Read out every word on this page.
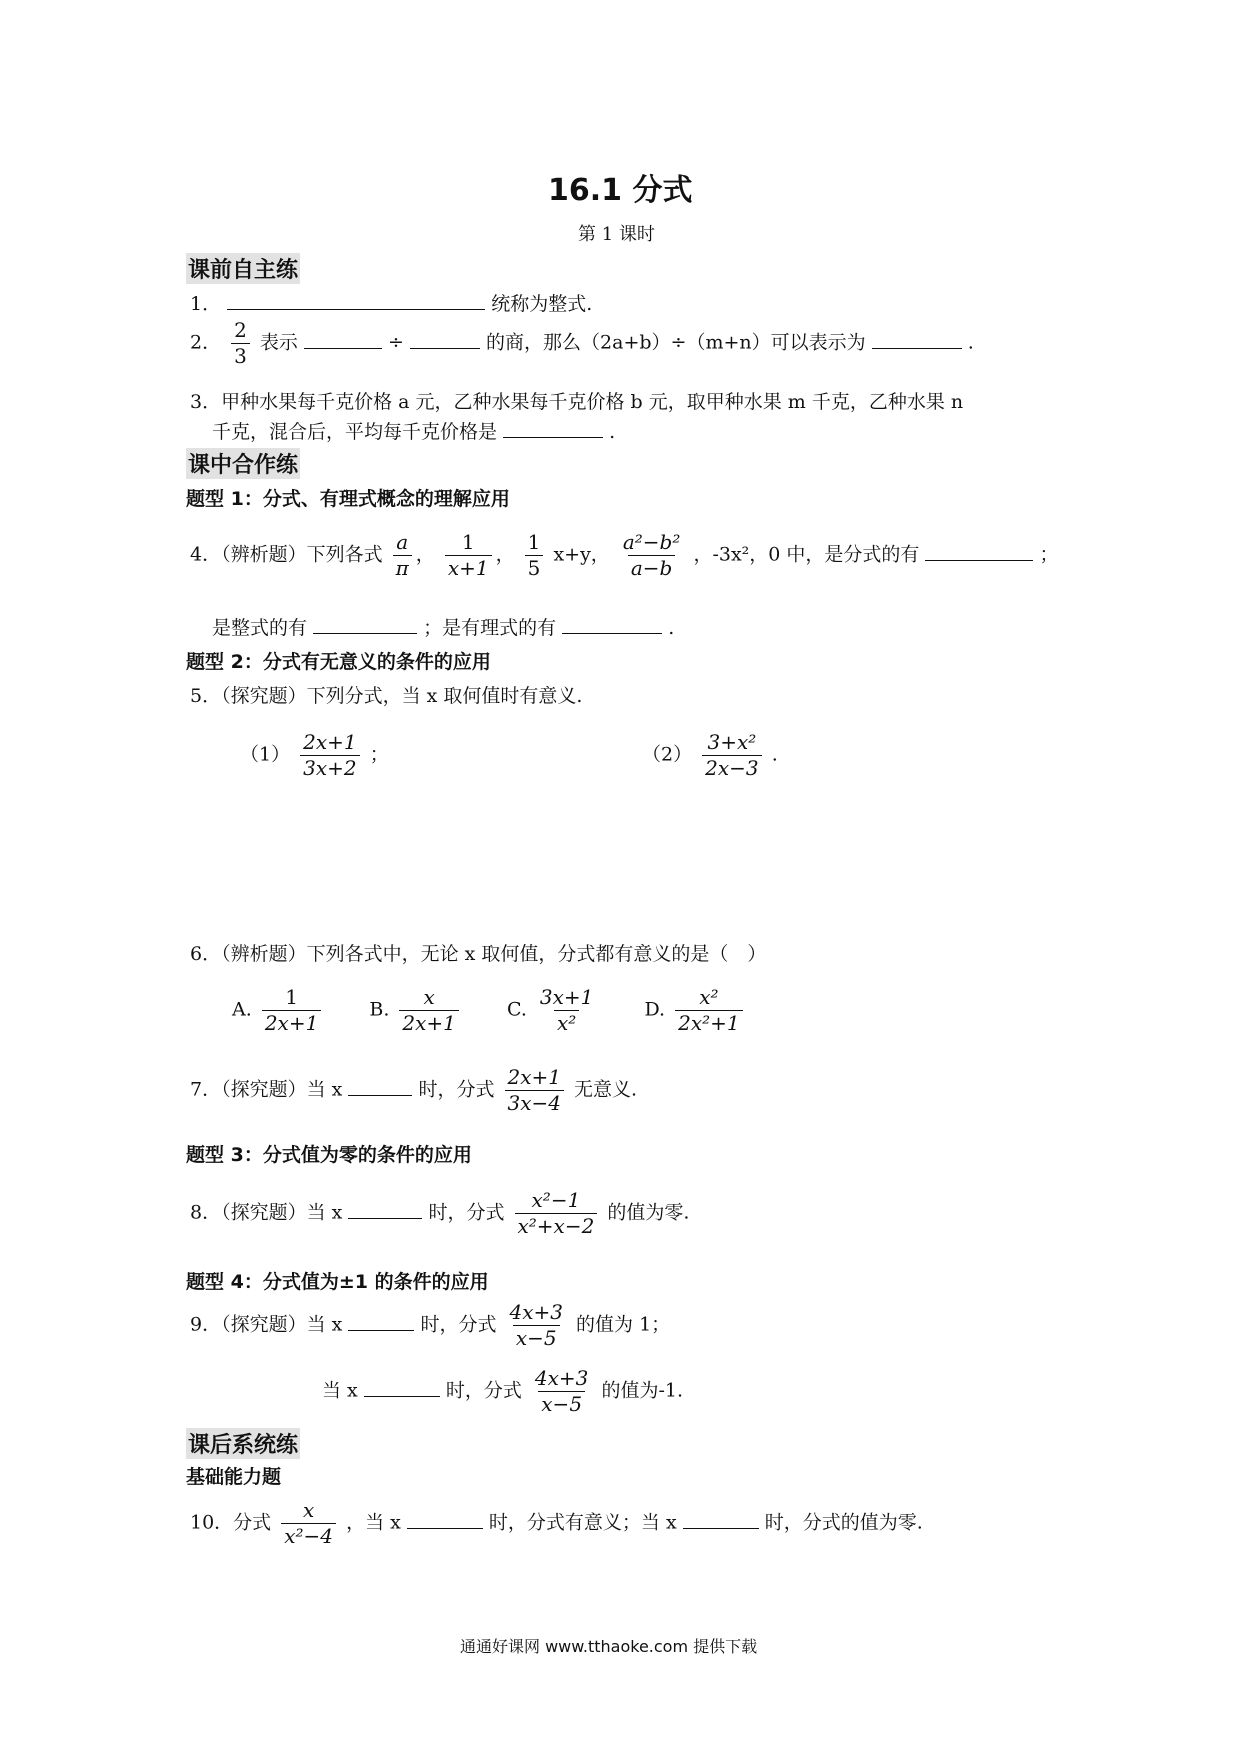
16.1 分式
第 1 课时
课前自主练
1．	统称为整式.
2． $\frac{2}{3}$ 表示	÷	的商，那么（2a+b）÷（m+n）可以表示为	.
3．甲种水果每千克价格 a 元，乙种水果每千克价格 b 元，取甲种水果 m 千克，乙种水果 n
千克，混合后，平均每千克价格是	.
课中合作练
题型 1：分式、有理式概念的理解应用
4．（辨析题）下列各式 $\frac{a}{\pi}$ ， $\frac{1}{x+1}$ ， $\frac{1}{5} x+y$， $\frac{\text{a²−b²}}{a-b}$ ，-3x²，0 中，是分式的有	；
是整式的有	；是有理式的有	.
题型 2：分式有无意义的条件的应用
5．（探究题）下列分式，当 x 取何值时有意义.
$(1) \frac{2x+1}{3x+2}$ ；	$(2) \frac{\text{3+x²}}{2x-3}$ .
6．（辨析题）下列各式中，无论 x 取何值，分式都有意义的是（　）
A. $\frac{1}{2x+1}$	B. $\frac{x}{2x+1}$	C. $\frac{3x+1}{\text{x²}}$	D. $\frac{\text{x²}}{\text{2x²+1}}$
7．（探究题）当 x	时，分式 $\frac{2x+1}{3x-4}$ 无意义.
题型 3：分式值为零的条件的应用
8．（探究题）当 x	时，分式 $\frac{\text{x²−1}}{\text{x²+x−2}}$ 的值为零.
题型 4：分式值为±1 的条件的应用
9．（探究题）当 x	时，分式 $\frac{4x+3}{x-5}$ 的值为 1；
当 x	时，分式 $\frac{4x+3}{x-5}$ 的值为-1.
课后系统练
基础能力题
10．分式 $\frac{x}{\text{x²−4}}$ ，当 x	时，分式有意义；当 x	时，分式的值为零.
通通好课网 www.tthaoke.com 提供下载
